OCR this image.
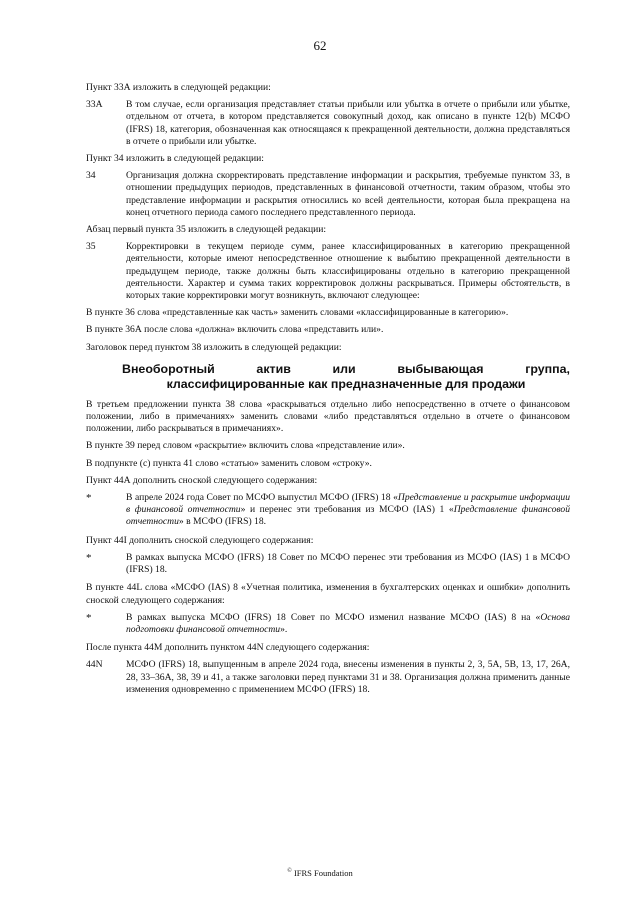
62

Пункт 33А изложить в следующей редакции:

33А	В том случае, если организация представляет статьи прибыли или убытка в отчете о прибыли или убытке, отдельном от отчета, в котором представляется совокупный доход, как описано в пункте 12(b) МСФО (IFRS) 18, категория, обозначенная как относящаяся к прекращенной деятельности, должна представляться в отчете о прибыли или убытке.

Пункт 34 изложить в следующей редакции:

34	Организация должна скорректировать представление информации и раскрытия, требуемые пунктом 33, в отношении предыдущих периодов, представленных в финансовой отчетности, таким образом, чтобы это представление информации и раскрытия относились ко всей деятельности, которая была прекращена на конец отчетного периода самого последнего представленного периода.

Абзац первый пункта 35 изложить в следующей редакции:

35	Корректировки в текущем периоде сумм, ранее классифицированных в категорию прекращенной деятельности, которые имеют непосредственное отношение к выбытию прекращенной деятельности в предыдущем периоде, также должны быть классифицированы отдельно в категорию прекращенной деятельности. Характер и сумма таких корректировок должны раскрываться. Примеры обстоятельств, в которых такие корректировки могут возникнуть, включают следующее:

В пункте 36 слова «представленные как часть» заменить словами «классифицированные в категорию».

В пункте 36А после слова «должна» включить слова «представить или».

Заголовок перед пунктом 38 изложить в следующей редакции:

Внеоборотный	актив	или	выбывающая	группа,
классифицированные как предназначенные для продажи

В третьем предложении пункта 38 слова «раскрываться отдельно либо непосредственно в отчете о финансовом положении, либо в примечаниях» заменить словами «либо представляться отдельно в отчете о финансовом положении, либо раскрываться в примечаниях».

В пункте 39 перед словом «раскрытие» включить слова «представление или».

В подпункте (c) пункта 41 слово «статью» заменить словом «строку».

Пункт 44А дополнить сноской следующего содержания:

*	В апреле 2024 года Совет по МСФО выпустил МСФО (IFRS) 18 «Представление и раскрытие информации в финансовой отчетности» и перенес эти требования из МСФО (IAS) 1 «Представление финансовой отчетности» в МСФО (IFRS) 18.

Пункт 44I дополнить сноской следующего содержания:

*	В рамках выпуска МСФО (IFRS) 18 Совет по МСФО перенес эти требования из МСФО (IAS) 1 в МСФО (IFRS) 18.

В пункте 44L слова «МСФО (IAS) 8 «Учетная политика, изменения в бухгалтерских оценках и ошибки» дополнить сноской следующего содержания:

*	В рамках выпуска МСФО (IFRS) 18 Совет по МСФО изменил название МСФО (IAS) 8 на «Основа подготовки финансовой отчетности».

После пункта 44M дополнить пунктом 44N следующего содержания:

44N	МСФО (IFRS) 18, выпущенным в апреле 2024 года, внесены изменения в пункты 2, 3, 5А, 5В, 13, 17, 26А, 28, 33–36А, 38, 39 и 41, а также заголовки перед пунктами 31 и 38. Организация должна применить данные изменения одновременно с применением МСФО (IFRS) 18.
© IFRS Foundation
